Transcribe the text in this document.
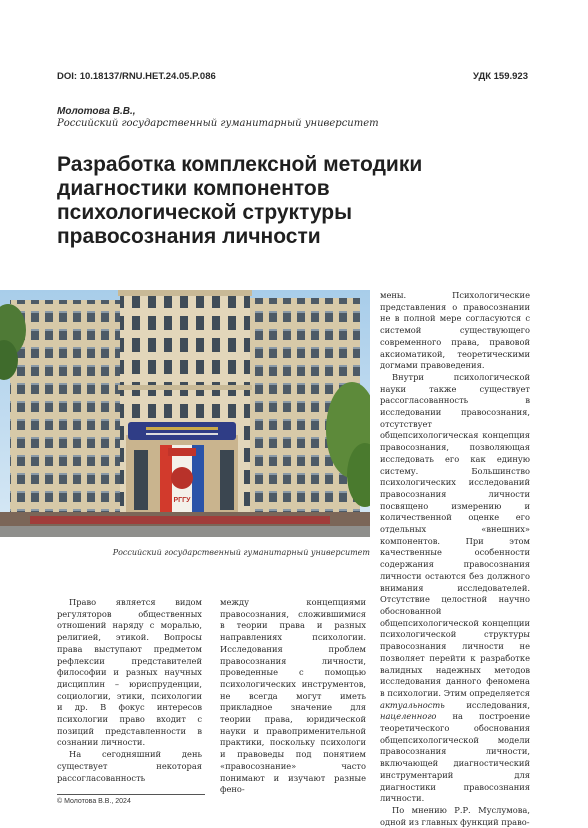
DOI: 10.18137/RNU.HET.24.05.P.086	УДК 159.923
Молотова В.В.,
Российский государственный гуманитарный университет
Разработка комплексной методики диагностики компонентов психологической структуры правосознания личности
РГГУ
Российский государственный гуманитарный университет

Право является видом регуляторов общественных отношений наряду с моралью, религией, этикой. Вопросы права выступают предметом рефлексии представителей философии и разных научных дисциплин – юриспруденции, социологии, этики, психологии и др. В фокус интересов психологии право входит с позиций представленности в сознании личности.

На сегодняшний день существует некоторая рассогласованность

между концепциями правосознания, сложившимися в теории права и разных направлениях психологии. Исследования проблем правосознания личности, проведенные с помощью психологических инструментов, не всегда могут иметь прикладное значение для теории права, юридической науки и правоприменительной практики, поскольку психологи и правоведы под понятием «правосознание» часто понимают и изучают разные фено-

мены. Психологические представления о правосознании не в полной мере согласуются с системой существующего современного права, правовой аксиоматикой, теоретическими догмами правоведения.

Внутри психологической науки также существует рассогласованность в исследовании правосознания, отсутствует общепсихологическая концепция правосознания, позволяющая исследовать его как единую систему. Большинство психологических исследований правосознания личности посвящено измерению и количественной оценке его отдельных «внешних» компонентов. При этом качественные особенности содержания правосознания личности остаются без должного внимания исследователей. Отсутствие целостной научно обоснованной общепсихологической концепции психологической структуры правосознания личности не позволяет перейти к разработке валидных надежных методов исследования данного феномена в психологии. Этим определяется актуальность исследования, нацеленного на построение теоретического обоснования общепсихологической модели правосознания личности, включающей диагностический инструментарий для диагностики правосознания личности.

По мнению Р.Р. Муслумова, одной из главных функций право-

© Молотова В.В., 2024
